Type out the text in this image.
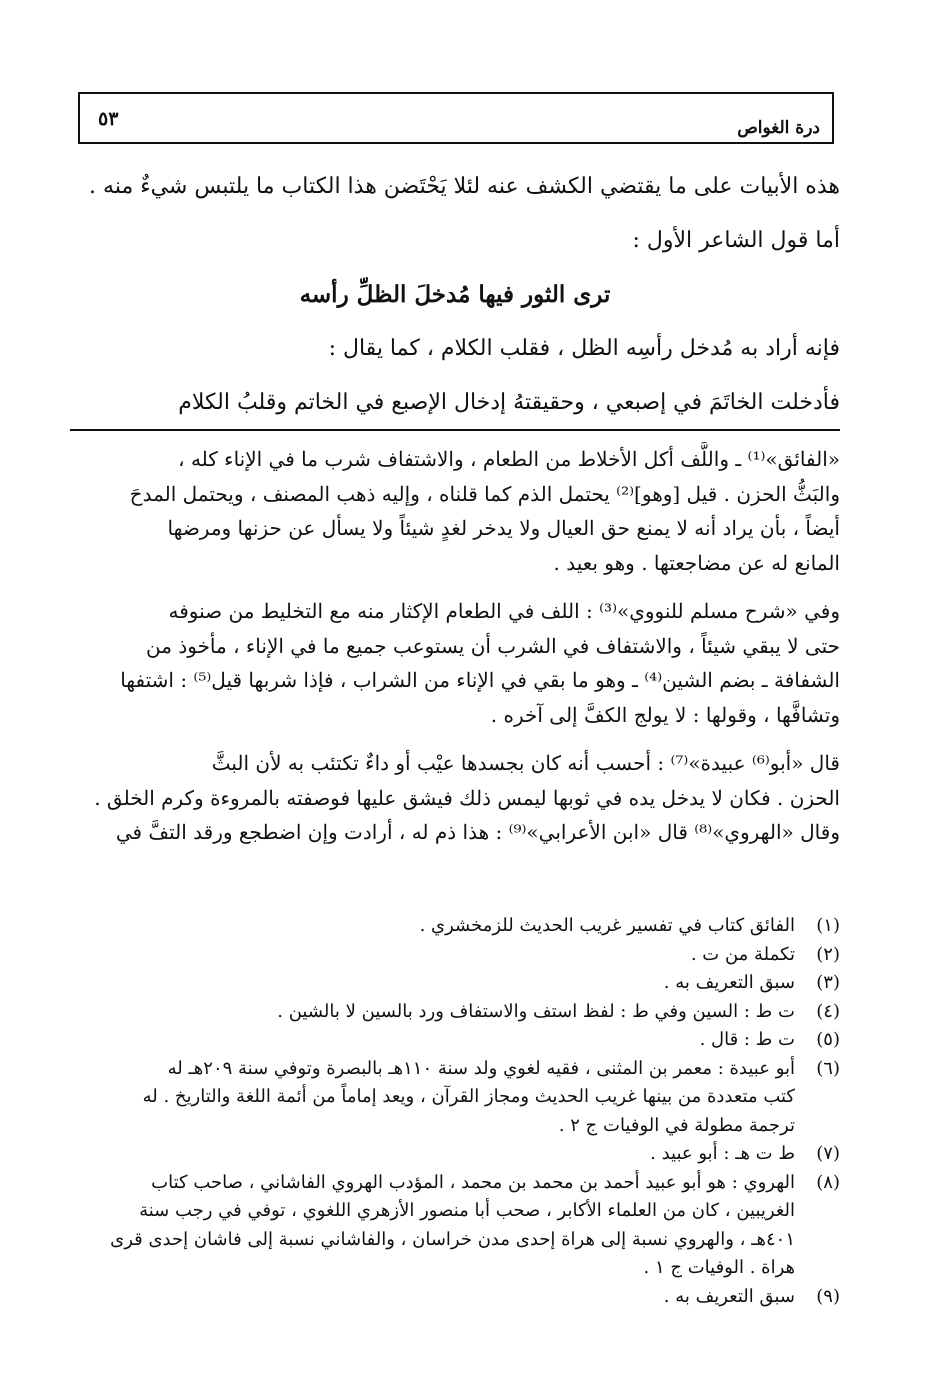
درة الغواص
٥٣
هذه الأبيات على ما يقتضي الكشف عنه لئلا يَحْتَضن هذا الكتاب ما يلتبس شيءٌ منه .
أما قول الشاعر الأول :
ترى الثور فيها مُدخلَ الظلِّ رأسه
فإنه أراد به مُدخل رأسِه الظل ، فقلب الكلام ، كما يقال :
فأدخلت الخاتَمَ في إصبعي ، وحقيقتهُ إدخال الإصبع في الخاتم وقلبُ الكلام
«الفائق»⁽¹⁾ ـ واللَّف أكل الأخلاط من الطعام ، والاشتفاف شرب ما في الإناء كله ،
والبَثُّ الحزن . قيل [وهو]⁽²⁾ يحتمل الذم كما قلناه ، وإليه ذهب المصنف ، ويحتمل المدحَ
أيضاً ، بأن يراد أنه لا يمنع حق العيال ولا يدخر لغدٍ شيئاً ولا يسأل عن حزنها ومرضها
المانع له عن مضاجعتها . وهو بعيد .
وفي «شرح مسلم للنووي»⁽³⁾ : اللف في الطعام الإكثار منه مع التخليط من صنوفه
حتى لا يبقي شيئاً ، والاشتفاف في الشرب أن يستوعب جميع ما في الإناء ، مأخوذ من
الشفافة ـ بضم الشين⁽⁴⁾ ـ وهو ما بقي في الإناء من الشراب ، فإذا شربها قيل⁽⁵⁾ : اشتفها
وتشافَّها ، وقولها : لا يولج الكفَّ إلى آخره .
قال «أبو⁽⁶⁾ عبيدة»⁽⁷⁾ : أحسب أنه كان بجسدها عيْب أو داءٌ تكتئب به لأن البثَّ
الحزن . فكان لا يدخل يده في ثوبها ليمس ذلك فيشق عليها فوصفته بالمروءة وكرم الخلق .
وقال «الهروي»⁽⁸⁾ قال «ابن الأعرابي»⁽⁹⁾ : هذا ذم له ، أرادت وإن اضطجع ورقد التفَّ في
(١)
الفائق كتاب في تفسير غريب الحديث للزمخشري .
(٢)
تكملة من ت .
(٣)
سبق التعريف به .
(٤)
ت ط : السين وفي ط : لفظ استف والاستفاف ورد بالسين لا بالشين .
(٥)
ت ط : قال .
(٦)
أبو عبيدة : معمر بن المثنى ، فقيه لغوي ولد سنة ١١٠هـ بالبصرة وتوفي سنة ٢٠٩هـ له
كتب متعددة من بينها غريب الحديث ومجاز القرآن ، ويعد إماماً من أئمة اللغة والتاريخ . له
ترجمة مطولة في الوفيات ج ٢ .
(٧)
ط ت هـ : أبو عبيد .
(٨)
الهروي : هو أبو عبيد أحمد بن محمد بن محمد ، المؤدب الهروي الفاشاني ، صاحب كتاب
الغريبين ، كان من العلماء الأكابر ، صحب أبا منصور الأزهري اللغوي ، توفي في رجب سنة
٤٠١هـ ، والهروي نسبة إلى هراة إحدى مدن خراسان ، والفاشاني نسبة إلى فاشان إحدى قرى
هراة . الوفيات ج ١ .
(٩)
سبق التعريف به .
